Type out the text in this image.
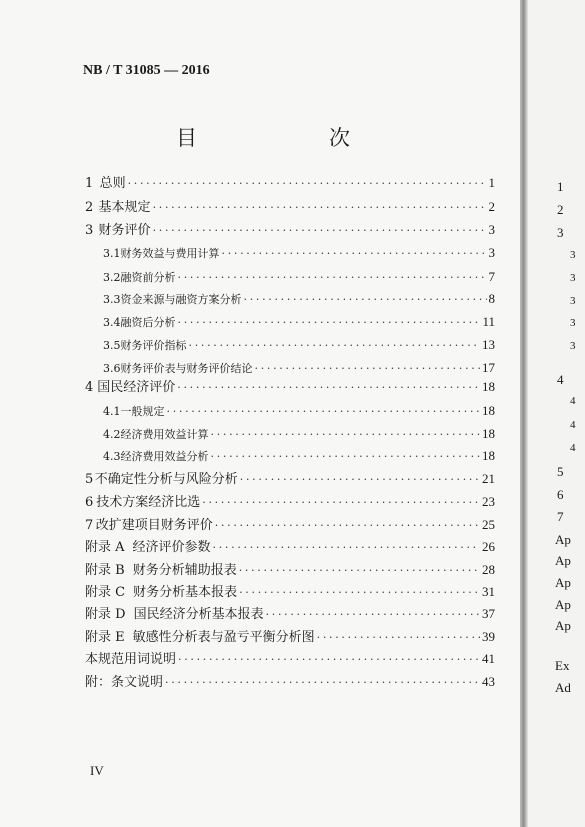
NB / T 31085 — 2016
目　　次
1 总则 · · ·	1
2 基本规定 · · ·	2
3 财务评价 · · ·	3
3.1 财务效益与费用计算 · · ·	3
3.2 融资前分析 · · ·	7
3.3 资金来源与融资方案分析 · · ·	8
3.4 融资后分析 · · ·	11
3.5 财务评价指标 · · ·	13
3.6 财务评价表与财务评价结论 · · ·	17
4 国民经济评价 · · ·	18
4.1 一般规定 · · ·	18
4.2 经济费用效益计算 · · ·	18
4.3 经济费用效益分析 · · ·	18
5 不确定性分析与风险分析 · · ·	21
6 技术方案经济比选 · · ·	23
7 改扩建项目财务评价 · · ·	25
附录 A 经济评价参数 · · ·	26
附录 B 财务分析辅助报表 · · ·	28
附录 C 财务分析基本报表 · · ·	31
附录 D 国民经济分析基本报表 · · ·	37
附录 E 敏感性分析表与盈亏平衡分析图 · · ·	39
本规范用词说明 · · ·	41
附：条文说明 · · ·	43
IV
1
2
3
3
3
3
3
3
4
4
4
4
5
6
7
Ap
Ap
Ap
Ap
Ap
Ex
Ad
